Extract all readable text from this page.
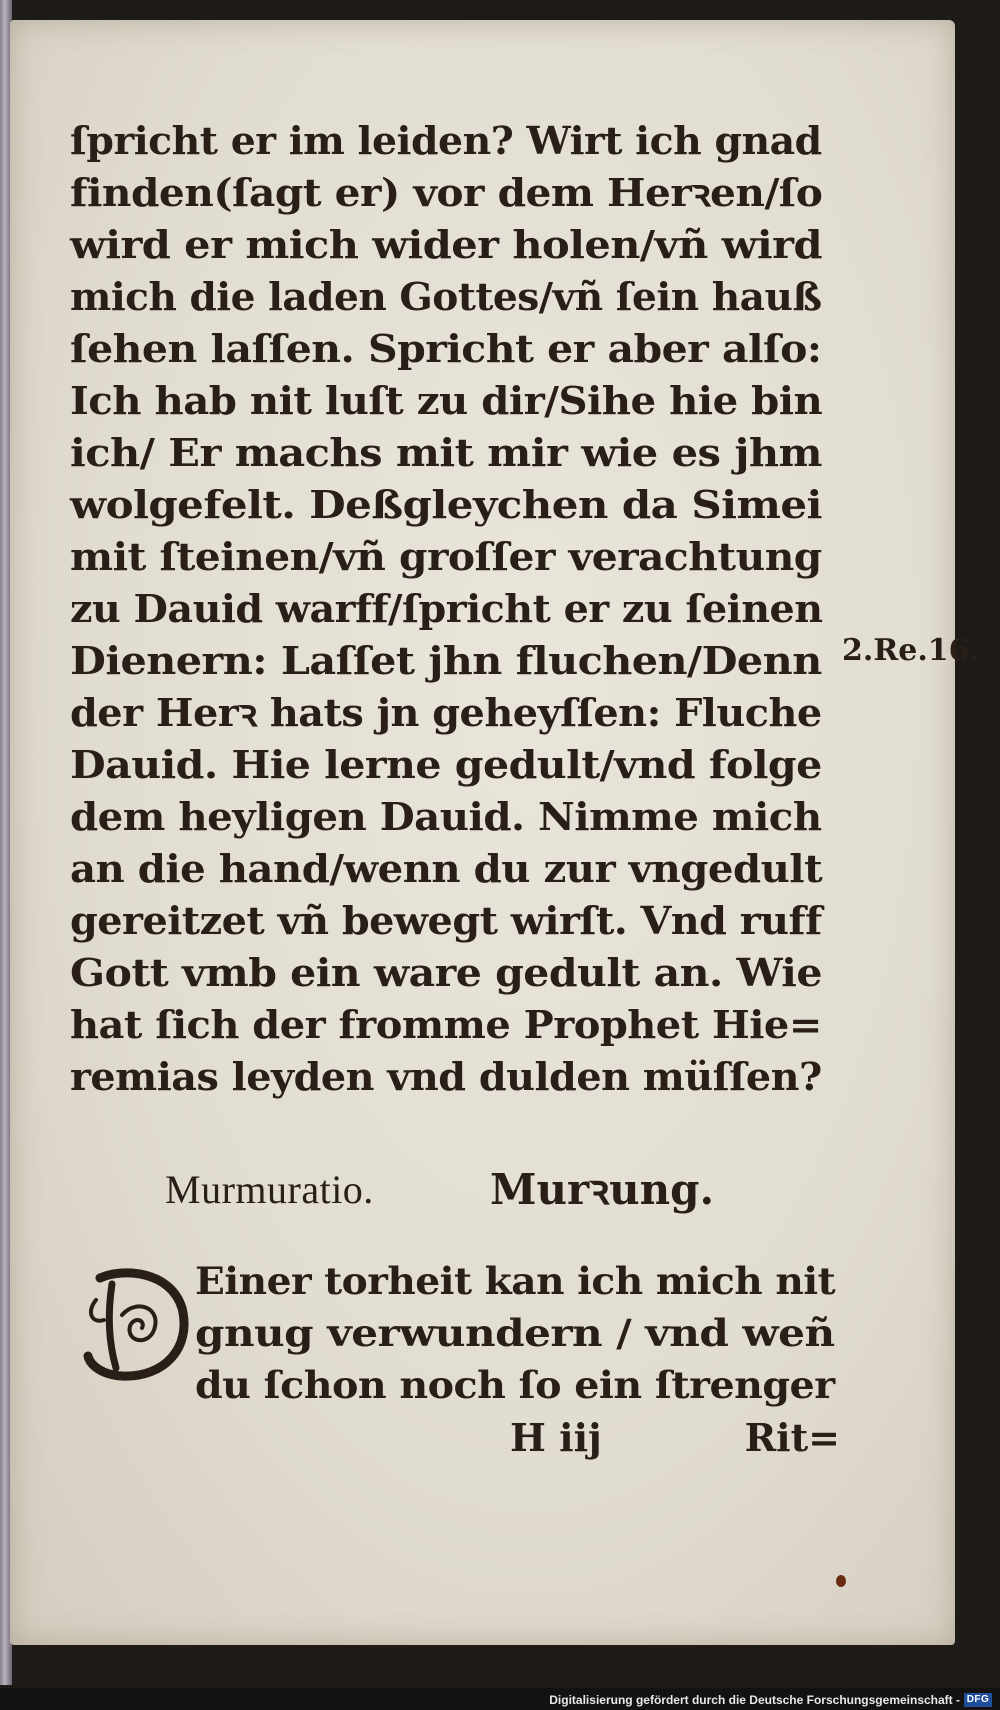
ſpricht er im leiden? Wirt ich gnad
finden(ſagt er) vor dem Herꝛen/ſo
wird er mich wider holen/vñ wird
mich die laden Gottes/vñ ſein hauß
ſehen laſſen. Spricht er aber alſo:
Ich hab nit luſt zu dir/Sihe hie bin
ich/ Er machs mit mir wie es jhm
wolgefelt. Deßgleychen da Simei
mit ſteinen/vñ groſſer verachtung
zu Dauid warff/ſpricht er zu ſeinen
Dienern: Laſſet jhn fluchen/Denn
der Herꝛ hats jn geheyſſen: Fluche
Dauid. Hie lerne gedult/vnd folge
dem heyligen Dauid. Nimme mich
an die hand/wenn du zur vngedult
gereitzet vñ bewegt wirſt. Vnd ruff
Gott vmb ein ware gedult an. Wie
hat ſich der fromme Prophet Hie=
remias leyden vnd dulden müſſen?
2.Re.16.
Murmuratio.	Murꝛung.
D
Einer torheit kan ich mich nit
gnug verwundern / vnd weñ
du ſchon noch ſo ein ſtrenger
H iij	Rit=
Digitalisierung gefördert durch die Deutsche Forschungsgemeinschaft - DFG
